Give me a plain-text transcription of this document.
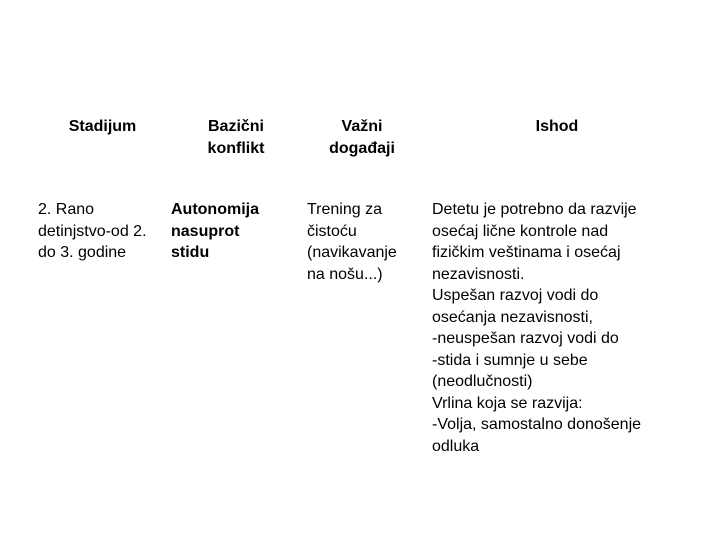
Stadijum	Bazični
konflikt
Važni
događaji
Ishod
2. Rano
detinjstvo-od 2.
do 3. godine
Autonomija
nasuprot
stidu
Trening za
čistoću
(navikavanje
na nošu...)
Detetu je potrebno da razvije
osećaj lične kontrole nad
fizičkim veštinama i osećaj
nezavisnosti.
Uspešan razvoj vodi do
osećanja nezavisnosti,
-neuspešan razvoj vodi do
-stida i sumnje u sebe
(neodlučnosti)
Vrlina koja se razvija:
-Volja, samostalno donošenje
odluka
